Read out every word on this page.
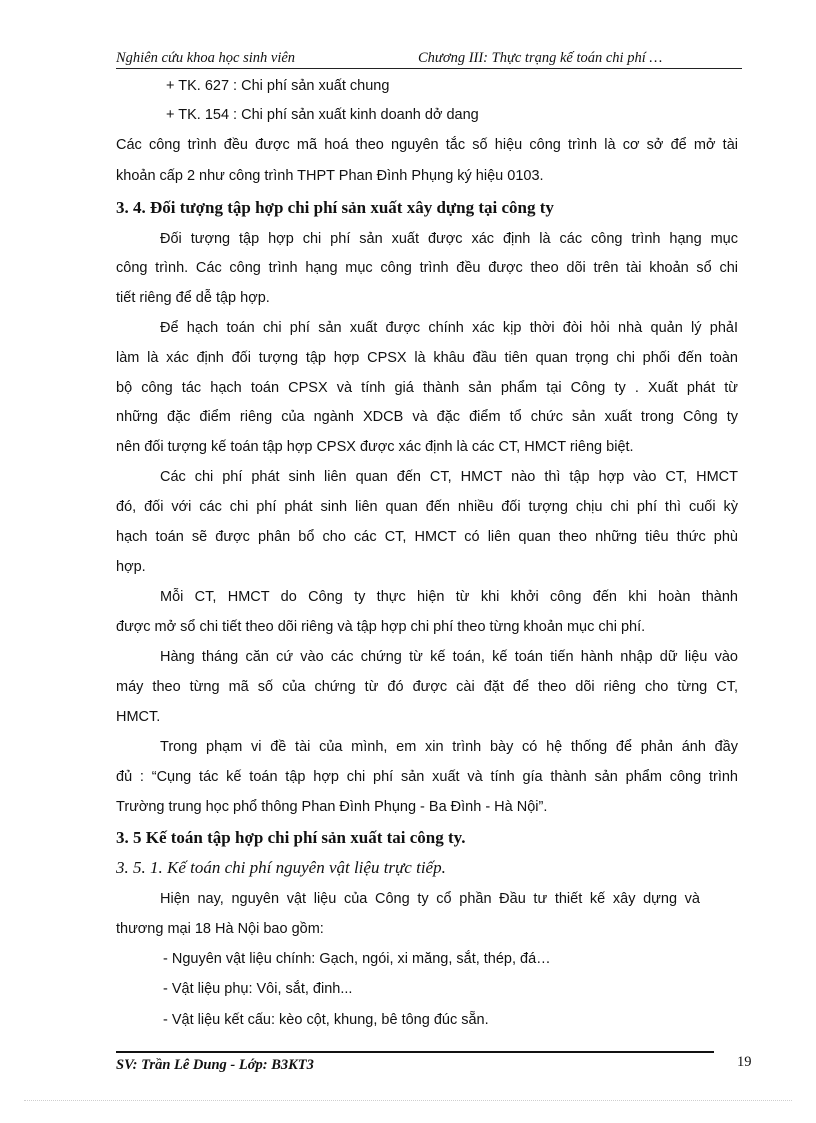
Nghiên cứu khoa học sinh viên	Chương III: Thực trạng kế toán chi phí …
+ TK. 627 : Chi phí sản xuất chung
+ TK. 154 : Chi phí sản xuất kinh doanh dở dang
Các công trình đều được mã hoá theo nguyên tắc số hiệu công trình là cơ sở để mở tài
khoản cấp 2 như công trình THPT Phan Đình Phụng ký hiệu 0103.
3. 4. Đối tượng tập hợp chi phí sản xuất xây dựng tại công ty
Đối tượng tập hợp chi phí sản xuất được xác định là các công trình hạng mục
công trình. Các công trình hạng mục công trình đều được theo dõi trên tài khoản sổ chi
tiết riêng để dễ tập hợp.
Để hạch toán chi phí sản xuất được chính xác kịp thời đòi hỏi nhà quản lý phảI
làm là xác định đối tượng tập hợp CPSX là khâu đầu tiên quan trọng chi phối đến toàn
bộ công tác hạch toán CPSX và tính giá thành sản phẩm tại Công ty . Xuất phát từ
những đặc điểm riêng của ngành XDCB và đặc điểm tổ chức sản xuất trong Công ty
nên đối tượng kế toán tập hợp CPSX được xác định là các CT, HMCT riêng biệt.
Các chi phí phát sinh liên quan đến CT, HMCT nào thì tập hợp vào CT, HMCT
đó, đối với các chi phí phát sinh liên quan đến nhiều đối tượng chịu chi phí thì cuối kỳ
hạch toán sẽ được phân bổ cho các CT, HMCT có liên quan theo những tiêu thức phù
hợp.
Mỗi CT, HMCT do Công ty thực hiện từ khi khởi công đến khi hoàn thành
được mở sổ chi tiết theo dõi riêng và tập hợp chi phí theo từng khoản mục chi phí.
Hàng tháng căn cứ vào các chứng từ kế toán, kế toán tiến hành nhập dữ liệu vào
máy theo từng mã số của chứng từ đó được cài đặt để theo dõi riêng cho từng CT,
HMCT.
Trong phạm vi đề tài của mình, em xin trình bày có hệ thống để phản ánh đầy
đủ : “Cụng tác kế toán tập hợp chi phí sản xuất và tính gía thành sản phẩm công trình
Trường trung học phổ thông Phan Đình Phụng - Ba Đình - Hà Nội”.
3. 5 Kế toán tập hợp chi phí sản xuất tai công ty.
3. 5. 1. Kế toán chi phí nguyên vật liệu trực tiếp.
Hiện nay, nguyên vật liệu của Công ty cổ phần Đầu tư thiết kế xây dựng và
thương mại 18 Hà Nội bao gồm:
- Nguyên vật liệu chính: Gạch, ngói, xi măng, sắt, thép, đá…
- Vật liệu phụ: Vôi, sắt, đinh...
- Vật liệu kết cấu: kèo cột, khung, bê tông đúc sẵn.
SV: Trần Lê Dung - Lớp: B3KT3	19
